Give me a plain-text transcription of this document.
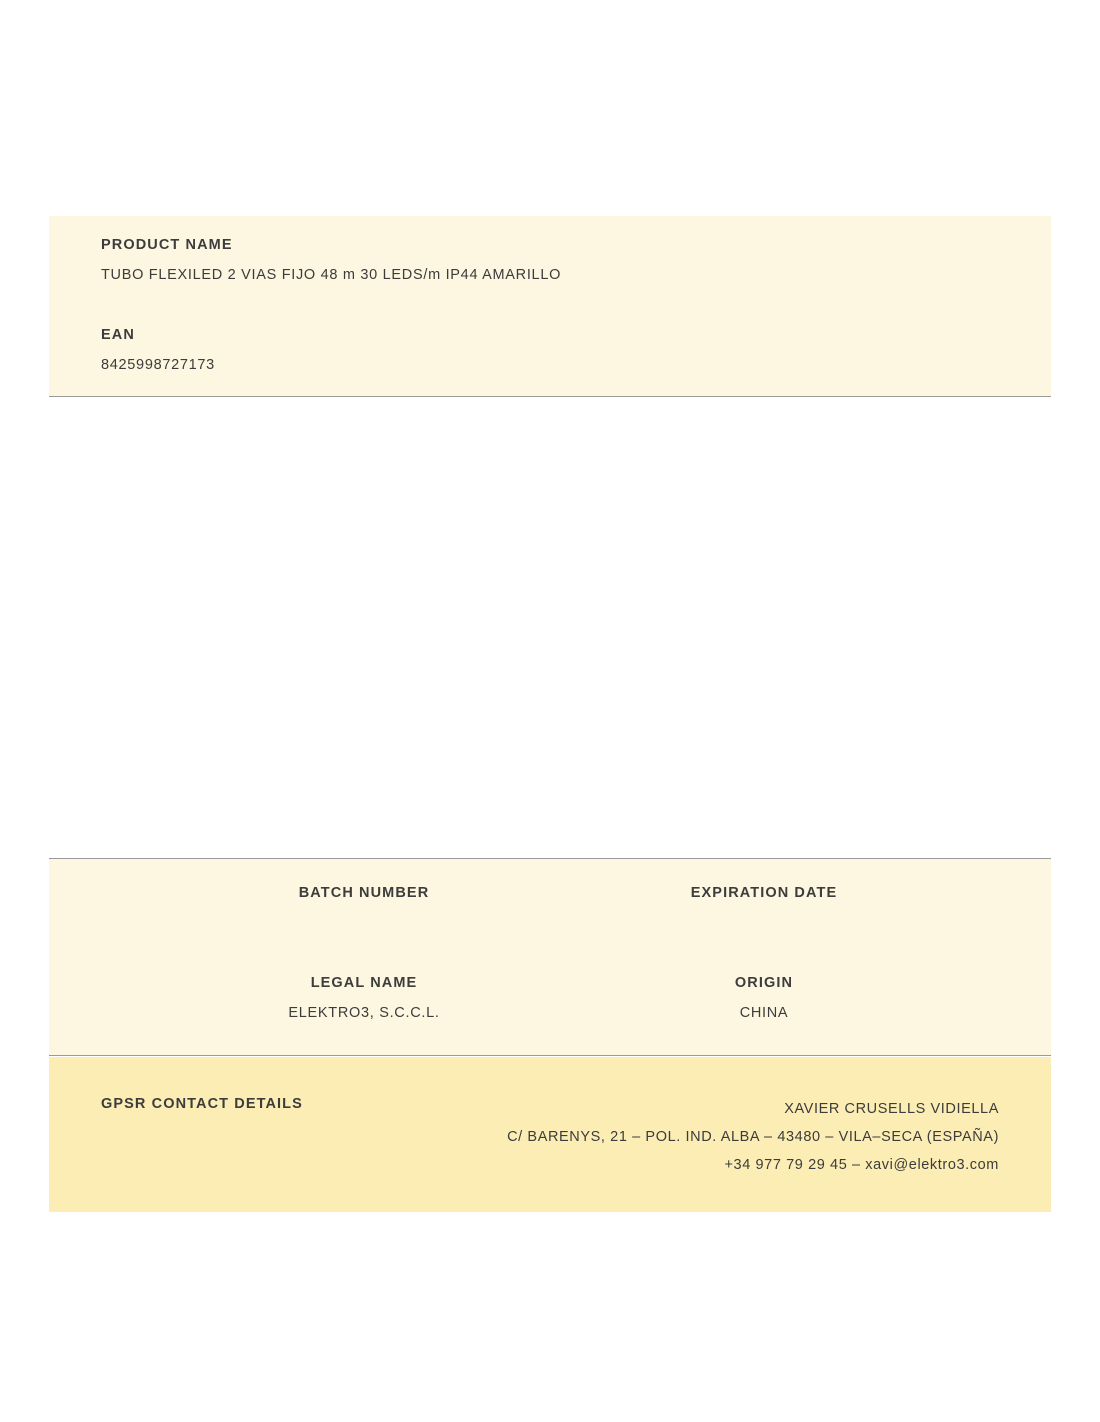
PRODUCT NAME
TUBO FLEXILED 2 VIAS FIJO 48 m 30 LEDS/m IP44 AMARILLO
EAN
8425998727173
BATCH NUMBER	EXPIRATION DATE
LEGAL NAME
ELEKTRO3, S.C.C.L.
ORIGIN
CHINA
GPSR CONTACT DETAILS	XAVIER CRUSELLS VIDIELLA
C/ BARENYS, 21 – POL. IND. ALBA – 43480 – VILA–SECA (ESPAÑA)
+34 977 79 29 45 – xavi@elektro3.com
